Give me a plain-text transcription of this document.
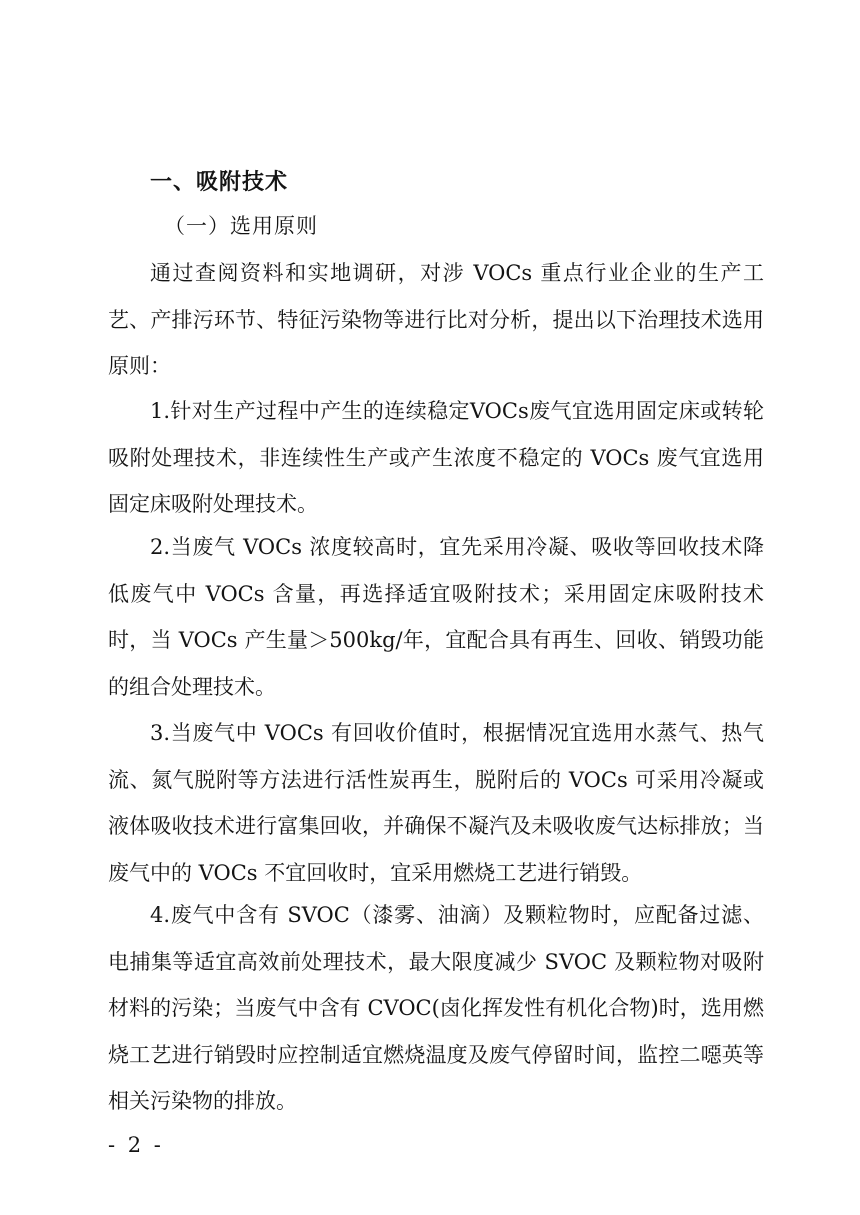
一、吸附技术
（一）选用原则

通过查阅资料和实地调研，对涉 VOCs 重点行业企业的生产工艺、产排污环节、特征污染物等进行比对分析，提出以下治理技术选用原则：

1.针对生产过程中产生的连续稳定VOCs废气宜选用固定床或转轮吸附处理技术，非连续性生产或产生浓度不稳定的 VOCs 废气宜选用固定床吸附处理技术。

2.当废气 VOCs 浓度较高时，宜先采用冷凝、吸收等回收技术降低废气中 VOCs 含量，再选择适宜吸附技术；采用固定床吸附技术时，当 VOCs 产生量＞500kg/年，宜配合具有再生、回收、销毁功能的组合处理技术。

3.当废气中 VOCs 有回收价值时，根据情况宜选用水蒸气、热气流、氮气脱附等方法进行活性炭再生，脱附后的 VOCs 可采用冷凝或液体吸收技术进行富集回收，并确保不凝汽及未吸收废气达标排放；当废气中的 VOCs 不宜回收时，宜采用燃烧工艺进行销毁。

4.废气中含有 SVOC（漆雾、油滴）及颗粒物时，应配备过滤、电捕集等适宜高效前处理技术，最大限度减少 SVOC 及颗粒物对吸附材料的污染；当废气中含有 CVOC(卤化挥发性有机化合物)时，选用燃烧工艺进行销毁时应控制适宜燃烧温度及废气停留时间，监控二噁英等相关污染物的排放。

- 2 -
